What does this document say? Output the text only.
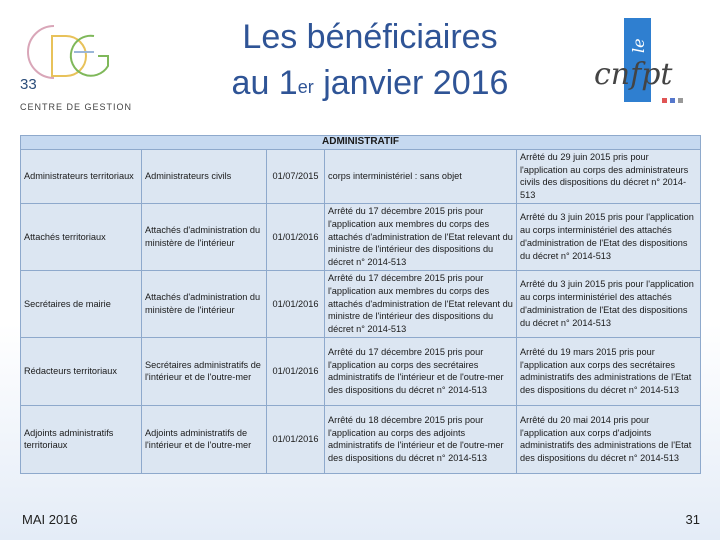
33
CENTRE DE GESTION
Les bénéficiaires
au 1er janvier 2016
le
cnfpt
ADMINISTRATIF				
Administrateurs territoriaux	Administrateurs civils	01/07/2015	corps interministériel : sans objet	Arrêté du 29 juin 2015 pris pour l'application au corps des administrateurs civils des dispositions du décret n° 2014-513
Attachés territoriaux	Attachés d'administration du ministère de l'intérieur	01/01/2016	Arrêté du 17 décembre 2015 pris pour l'application aux membres du corps des attachés d'administration de l'Etat relevant du ministre de l'intérieur des dispositions du décret n° 2014-513	Arrêté du 3 juin 2015 pris pour l'application au corps interministériel des attachés d'administration de l'Etat des dispositions du décret n° 2014-513
Secrétaires de mairie	Attachés d'administration du ministère de l'intérieur	01/01/2016	Arrêté du 17 décembre 2015 pris pour l'application aux membres du corps des attachés d'administration de l'Etat relevant du ministre de l'intérieur des dispositions du décret n° 2014-513	Arrêté du 3 juin 2015 pris pour l'application au corps interministériel des attachés d'administration de l'Etat des dispositions du décret n° 2014-513
Rédacteurs territoriaux	Secrétaires administratifs de l'intérieur et de l'outre-mer	01/01/2016	Arrêté du 17 décembre 2015 pris pour l'application au corps des secrétaires administratifs de l'intérieur et de l'outre-mer des dispositions du décret n° 2014-513	Arrêté du 19 mars 2015 pris pour l'application aux corps des secrétaires administratifs des administrations de l'Etat des dispositions du décret n° 2014-513
Adjoints administratifs territoriaux	Adjoints administratifs de l'intérieur et de l'outre-mer	01/01/2016	Arrêté du 18 décembre 2015 pris pour l'application au corps des adjoints administratifs de l'intérieur et de l'outre-mer des dispositions du décret n° 2014-513	Arrêté du 20 mai 2014 pris pour l'application aux corps d'adjoints administratifs des administrations de l'Etat des dispositions du décret n° 2014-513
MAI 2016	31
